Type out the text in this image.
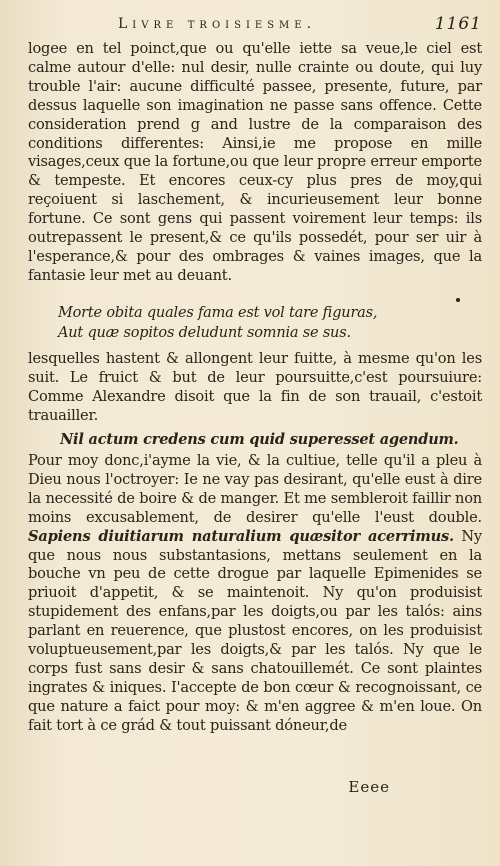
Livre troisiesme.	1161

logee en tel poinct,que ou qu'elle iette sa veue,le ciel est calme autour d'elle: nul desir, nulle crainte ou doute, qui luy trouble l'air: aucune difficulté passee, presente, future, par dessus laquelle son imagination ne passe sans offence. Cette consideration prend g and lustre de la comparaison des conditions differentes: Ainsi,ie me propose en mille visages,ceux que la fortune,ou que leur propre erreur emporte & tempeste. Et encores ceux-cy plus pres de moy,qui reçoiuent si laschement, & incurieusement leur bonne fortune. Ce sont gens qui passent voirement leur temps: ils outrepassent le present,& ce qu'ils possedét, pour ser uir à l'esperance,& pour des ombrages & vaines images, que la fantasie leur met au deuant.

Morte obita quales fama est vol tare figuras,

Aut quæ sopitos deludunt somnia se sus.

lesquelles hastent & allongent leur fuitte, à mesme qu'on les suit. Le fruict & but de leur poursuitte,c'est poursuiure: Comme Alexandre disoit que la fin de son trauail, c'estoit trauailler.

Nil actum credens cum quid superesset agendum.

Pour moy donc,i'ayme la vie, & la cultiue, telle qu'il a pleu à Dieu nous l'octroyer: Ie ne vay pas desirant, qu'elle eust à dire la necessité de boire & de manger. Et me sembleroit faillir non moins excusablement, de desirer qu'elle l'eust double. Sapiens diuitiarum naturalium quæsitor acerrimus. Ny que nous nous substantasions, mettans seulement en la bouche vn peu de cette drogue par laquelle Epimenides se priuoit d'appetit, & se maintenoit. Ny qu'on produisist stupidement des enfans,par les doigts,ou par les talós: ains parlant en reuerence, que plustost encores, on les produisist voluptueusement,par les doigts,& par les talós. Ny que le corps fust sans desir & sans chatouillemét. Ce sont plaintes ingrates & iniques. I'accepte de bon cœur & recognoissant, ce que nature a faict pour moy: & m'en aggree & m'en loue. On fait tort à ce grád & tout puissant dóneur,de

Eeee
